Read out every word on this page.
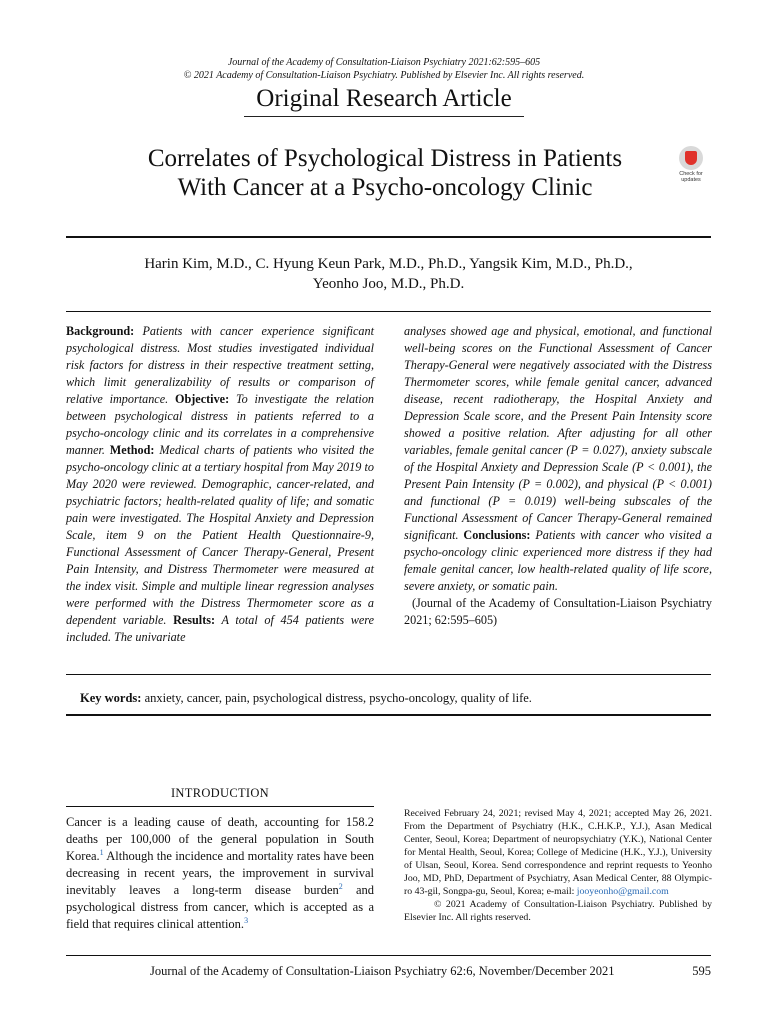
Journal of the Academy of Consultation-Liaison Psychiatry 2021:62:595–605
© 2021 Academy of Consultation-Liaison Psychiatry. Published by Elsevier Inc. All rights reserved.
Original Research Article
Correlates of Psychological Distress in Patients
With Cancer at a Psycho-oncology Clinic	Check for
updates
Harin Kim, M.D., C. Hyung Keun Park, M.D., Ph.D., Yangsik Kim, M.D., Ph.D.,
Yeonho Joo, M.D., Ph.D.
Background: Patients with cancer experience significant psychological distress. Most studies investigated individual risk factors for distress in their respective treatment setting, which limit generalizability of results or comparison of relative importance. Objective: To investigate the relation between psychological distress in patients referred to a psycho-oncology clinic and its correlates in a comprehensive manner. Method: Medical charts of patients who visited the psycho-oncology clinic at a tertiary hospital from May 2019 to May 2020 were reviewed. Demographic, cancer-related, and psychiatric factors; health-related quality of life; and somatic pain were investigated. The Hospital Anxiety and Depression Scale, item 9 on the Patient Health Questionnaire-9, Functional Assessment of Cancer Therapy-General, Present Pain Intensity, and Distress Thermometer were measured at the index visit. Simple and multiple linear regression analyses were performed with the Distress Thermometer score as a dependent variable. Results: A total of 454 patients were included. The univariate
analyses showed age and physical, emotional, and functional well-being scores on the Functional Assessment of Cancer Therapy-General were negatively associated with the Distress Thermometer scores, while female genital cancer, advanced disease, recent radiotherapy, the Hospital Anxiety and Depression Scale score, and the Present Pain Intensity score showed a positive relation. After adjusting for all other variables, female genital cancer (P = 0.027), anxiety subscale of the Hospital Anxiety and Depression Scale (P < 0.001), the Present Pain Intensity (P = 0.002), and physical (P < 0.001) and functional (P = 0.019) well-being subscales of the Functional Assessment of Cancer Therapy-General remained significant. Conclusions: Patients with cancer who visited a psycho-oncology clinic experienced more distress if they had female genital cancer, low health-related quality of life score, severe anxiety, or somatic pain.
(Journal of the Academy of Consultation-Liaison Psychiatry 2021; 62:595–605)
Key words: anxiety, cancer, pain, psychological distress, psycho-oncology, quality of life.
INTRODUCTION
Cancer is a leading cause of death, accounting for 158.2 deaths per 100,000 of the general population in South Korea.$^1$ Although the incidence and mortality rates have been decreasing in recent years, the improvement in survival inevitably leaves a long-term disease burden$^2$ and psychological distress from cancer, which is accepted as a field that requires clinical attention.$^3$
Received February 24, 2021; revised May 4, 2021; accepted May 26, 2021. From the Department of Psychiatry (H.K., C.H.K.P., Y.J.), Asan Medical Center, Seoul, Korea; Department of neuropsychiatry (Y.K.), National Center for Mental Health, Seoul, Korea; College of Medicine (H.K., Y.J.), University of Ulsan, Seoul, Korea. Send correspondence and reprint requests to Yeonho Joo, MD, PhD, Department of Psychiatry, Asan Medical Center, 88 Olympic-ro 43-gil, Songpa-gu, Seoul, Korea; e-mail: jooyeonho@gmail.com
© 2021 Academy of Consultation-Liaison Psychiatry. Published by Elsevier Inc. All rights reserved.
Journal of the Academy of Consultation-Liaison Psychiatry 62:6, November/December 2021	595
